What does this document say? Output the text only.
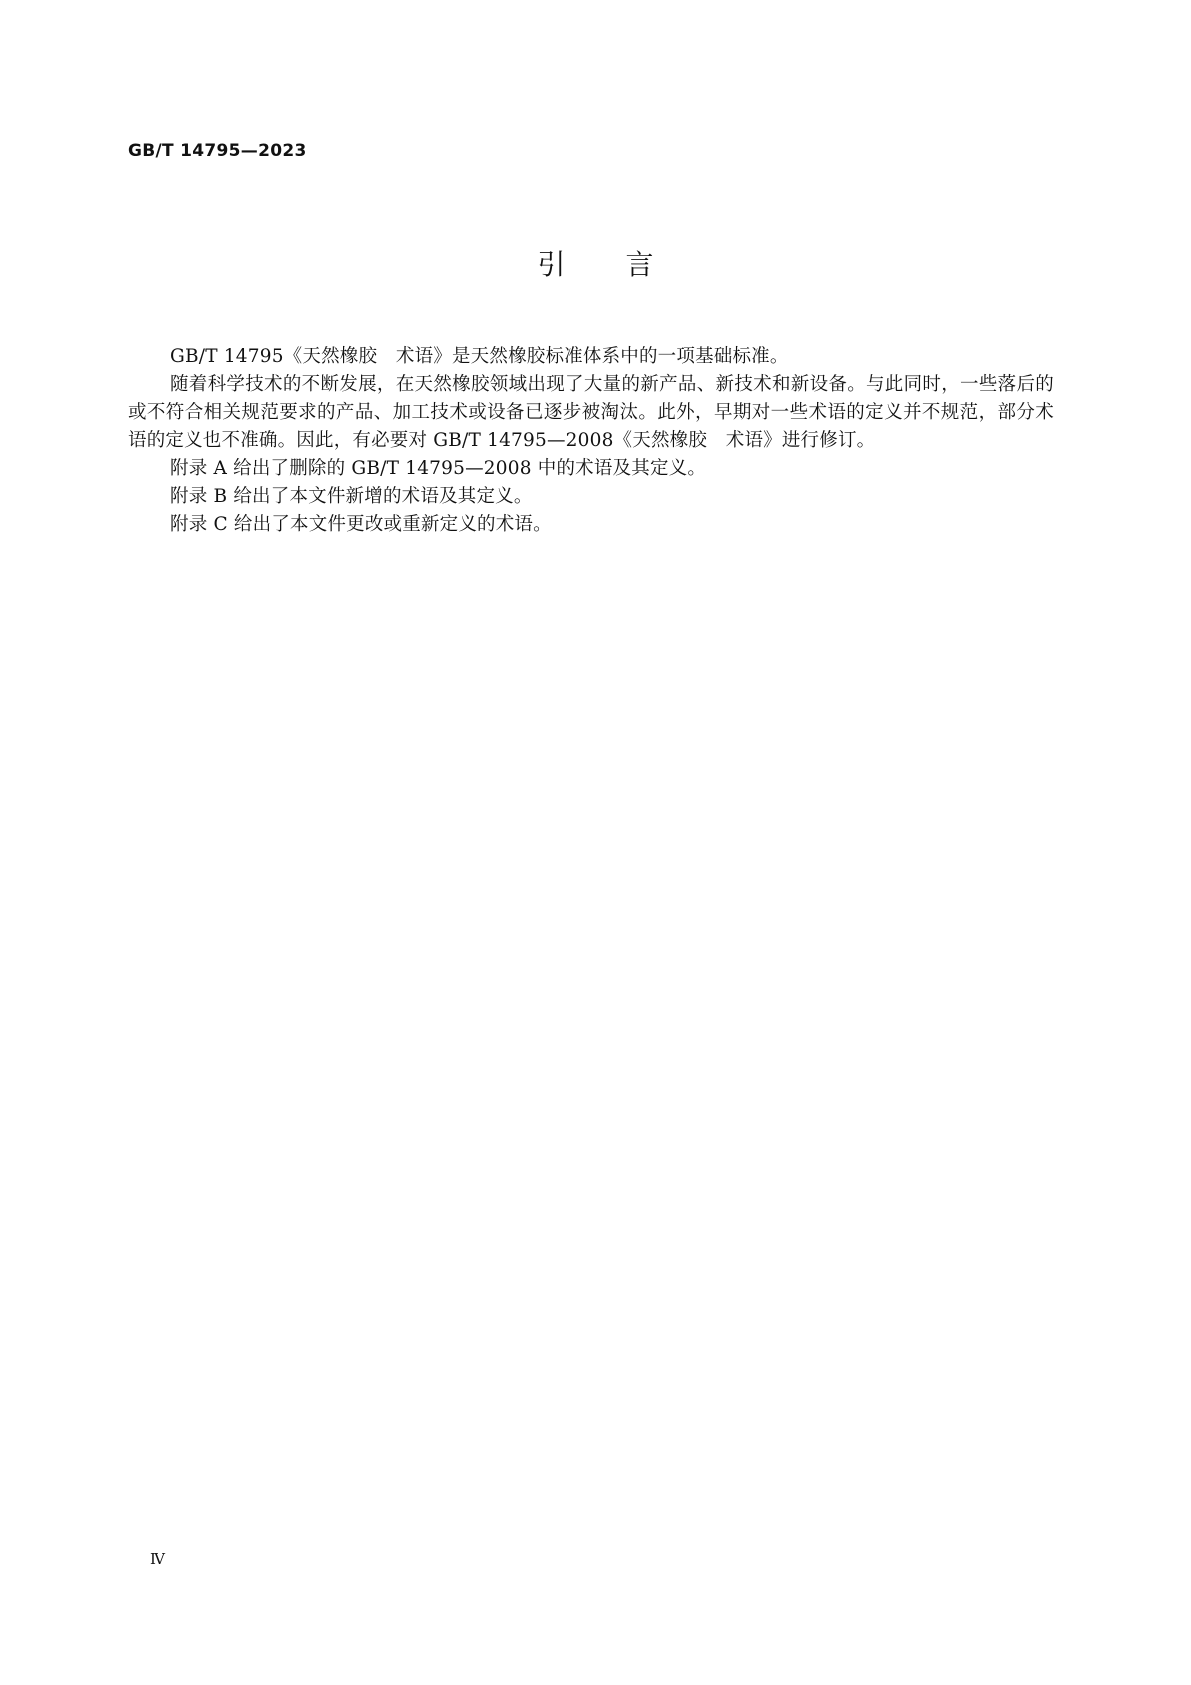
GB/T 14795—2023
引言

GB/T 14795《天然橡胶　术语》是天然橡胶标准体系中的一项基础标准。

随着科学技术的不断发展，在天然橡胶领域出现了大量的新产品、新技术和新设备。与此同时，一些落后的或不符合相关规范要求的产品、加工技术或设备已逐步被淘汰。此外，早期对一些术语的定义并不规范，部分术语的定义也不准确。因此，有必要对 GB/T 14795—2008《天然橡胶　术语》进行修订。

附录 A 给出了删除的 GB/T 14795—2008 中的术语及其定义。

附录 B 给出了本文件新增的术语及其定义。

附录 C 给出了本文件更改或重新定义的术语。

Ⅳ
